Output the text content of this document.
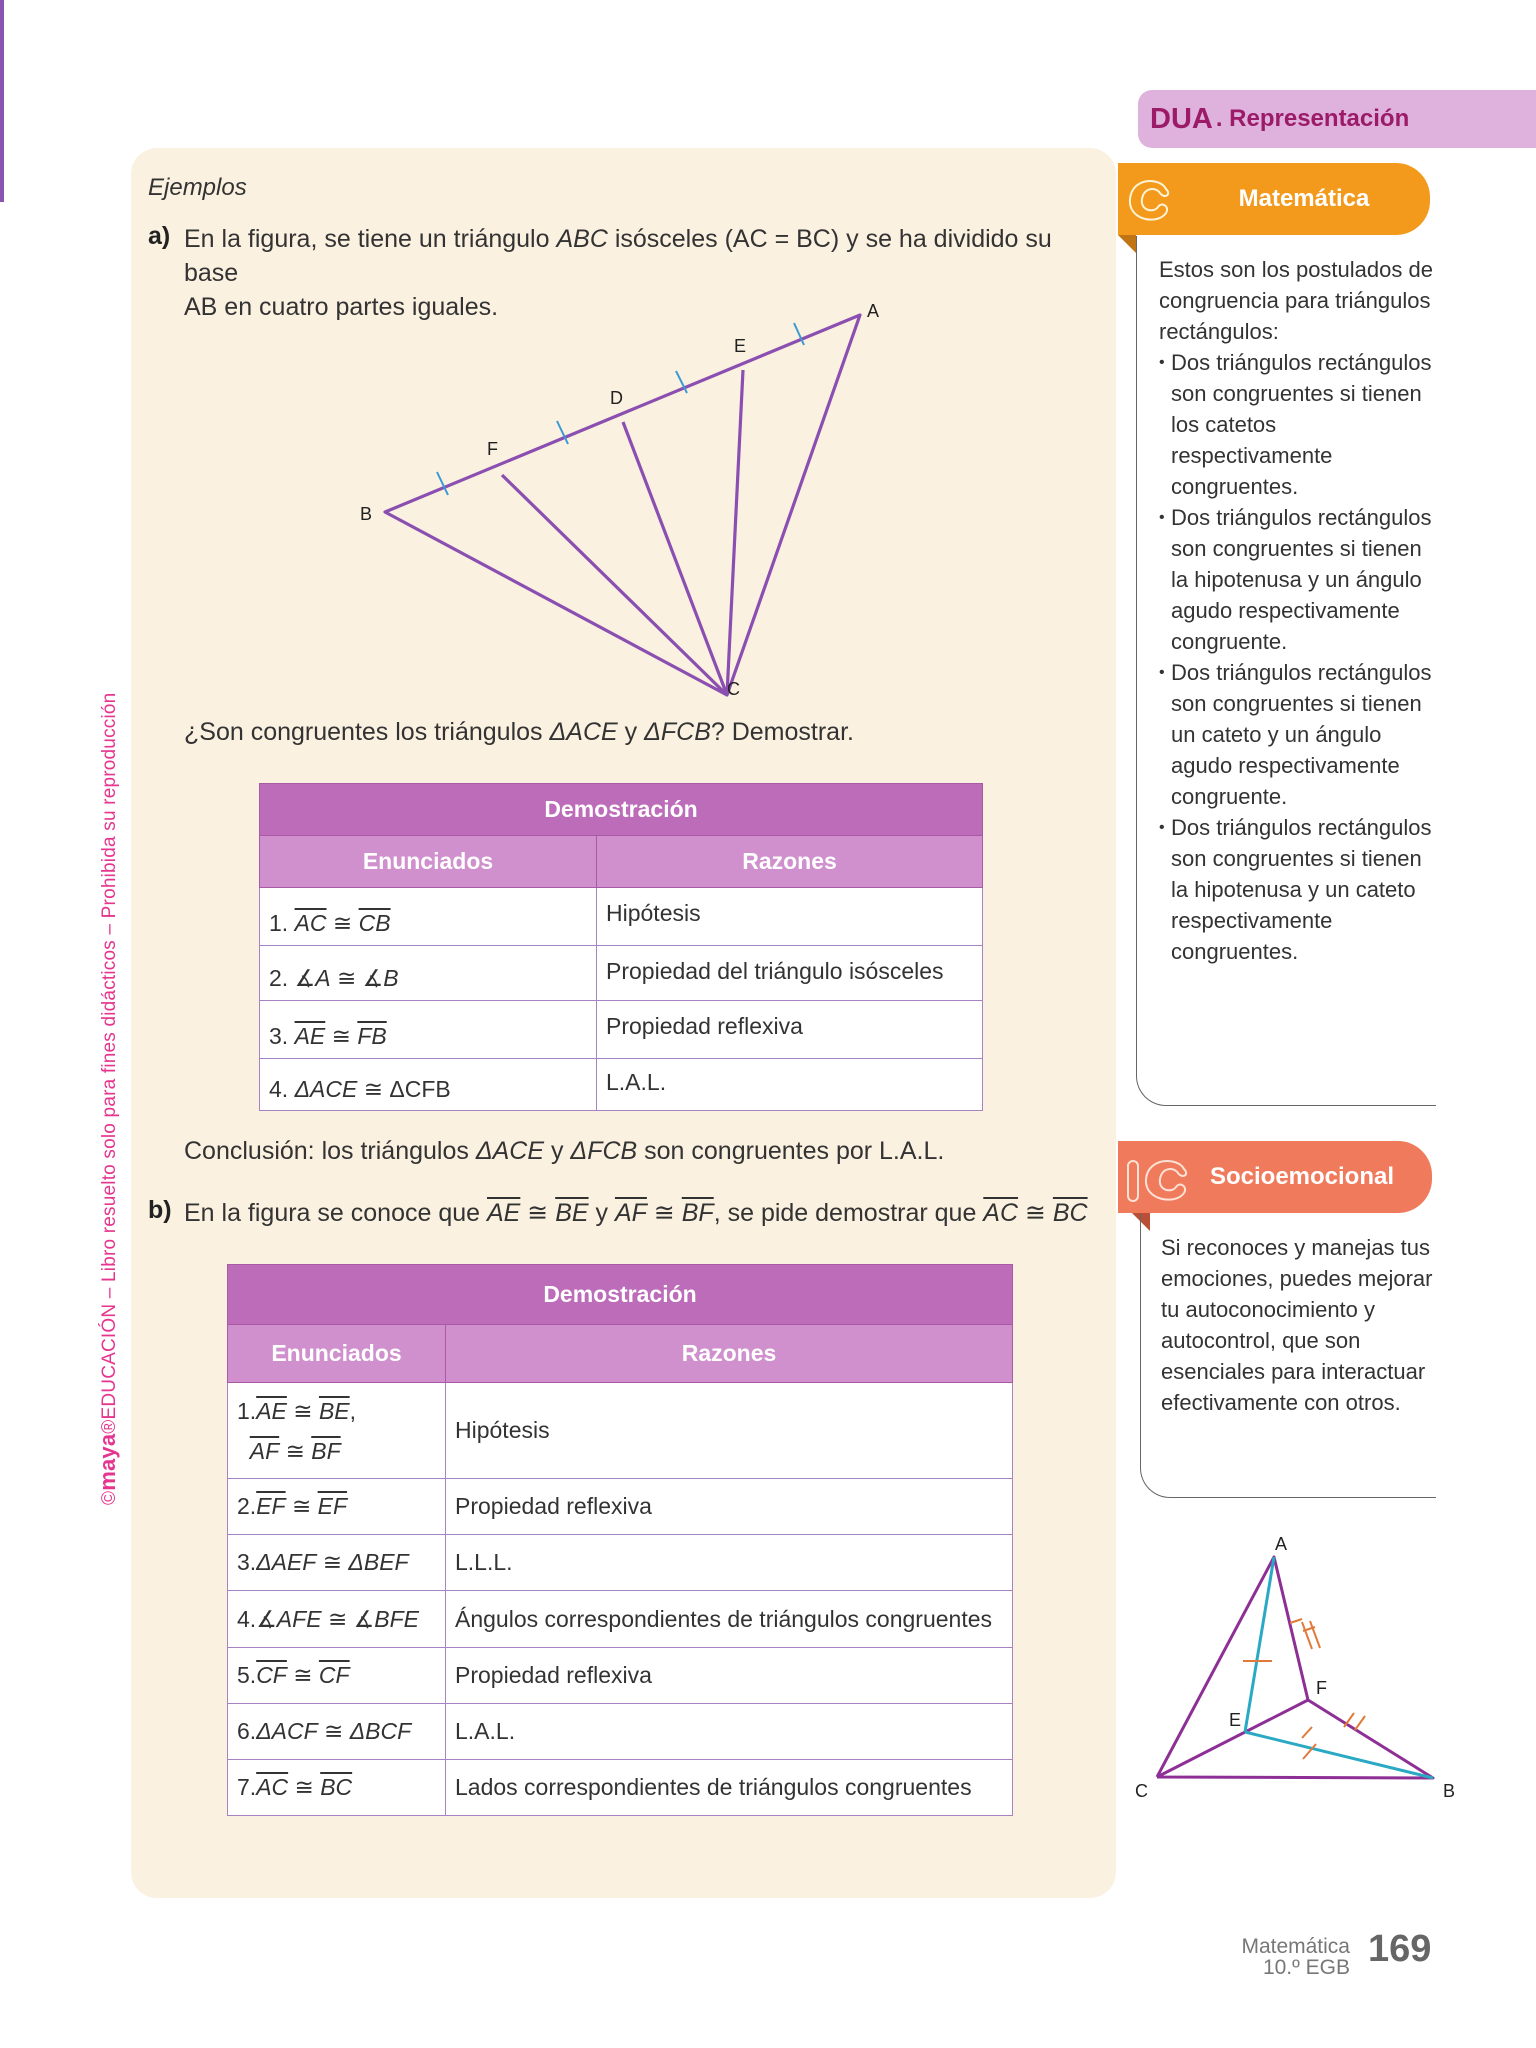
©maya®EDUCACIÓN – Libro resuelto solo para fines didácticos – Prohibida su reproducción
Ejemplos
a) En la figura, se tiene un triángulo ABC isósceles (AC = BC) y se ha dividido su base
AB en cuatro partes iguales.	A
E
D
F
B
C
¿Son congruentes los triángulos ΔACE y ΔFCB? Demostrar.
Demostración	
Enunciados	Razones
1. $\overline{AC}$ ≅ $\overline{CB}$	Hipótesis
2. ∡A ≅ ∡B	Propiedad del triángulo isósceles
3. $\overline{AE}$ ≅ $\overline{FB}$	Propiedad reflexiva
4. ΔACE ≅ ΔCFB	L.A.L.
Conclusión: los triángulos ΔACE y ΔFCB son congruentes por L.A.L.
b) En la figura se conoce que $\overline{AE}$ ≅ $\overline{BE}$ y $\overline{AF}$ ≅ $\overline{BF}$, se pide demostrar que $\overline{AC}$ ≅ $\overline{BC}$
Demostración	
Enunciados	Razones
$1.\overline{AE}$ ≅ $\overline{BE}$,
$\overline{AF}$ ≅ $\overline{BF}$	Hipótesis
$2.\overline{EF}$ ≅ $\overline{EF}$	Propiedad reflexiva
3.ΔAEF ≅ ΔBEF	L.L.L.
4.∡AFE ≅ ∡BFE	Ángulos correspondientes de triángulos congruentes
$5.\overline{CF}$ ≅ $\overline{CF}$	Propiedad reflexiva
6.ΔACF ≅ ΔBCF	L.A.L.
$7.\overline{AC}$ ≅ $\overline{BC}$	Lados correspondientes de triángulos congruentes
DUA . Representación
Matemática

Estos son los postulados de congruencia para triángulos rectángulos:

• Dos triángulos rectángulos son congruentes si tienen los catetos respectivamente congruentes.
• Dos triángulos rectángulos son congruentes si tienen la hipotenusa y un ángulo agudo respectivamente congruente.
• Dos triángulos rectángulos son congruentes si tienen un cateto y un ángulo agudo respectivamente congruente.
• Dos triángulos rectángulos son congruentes si tienen la hipotenusa y un cateto respectivamente congruentes.
Socioemocional

Si reconoces y manejas tus emociones, puedes mejorar tu autoconocimiento y autocontrol, que son esenciales para interactuar efectivamente con otros.

A
F
E
C	B
Matemática
10.º EGB 169
